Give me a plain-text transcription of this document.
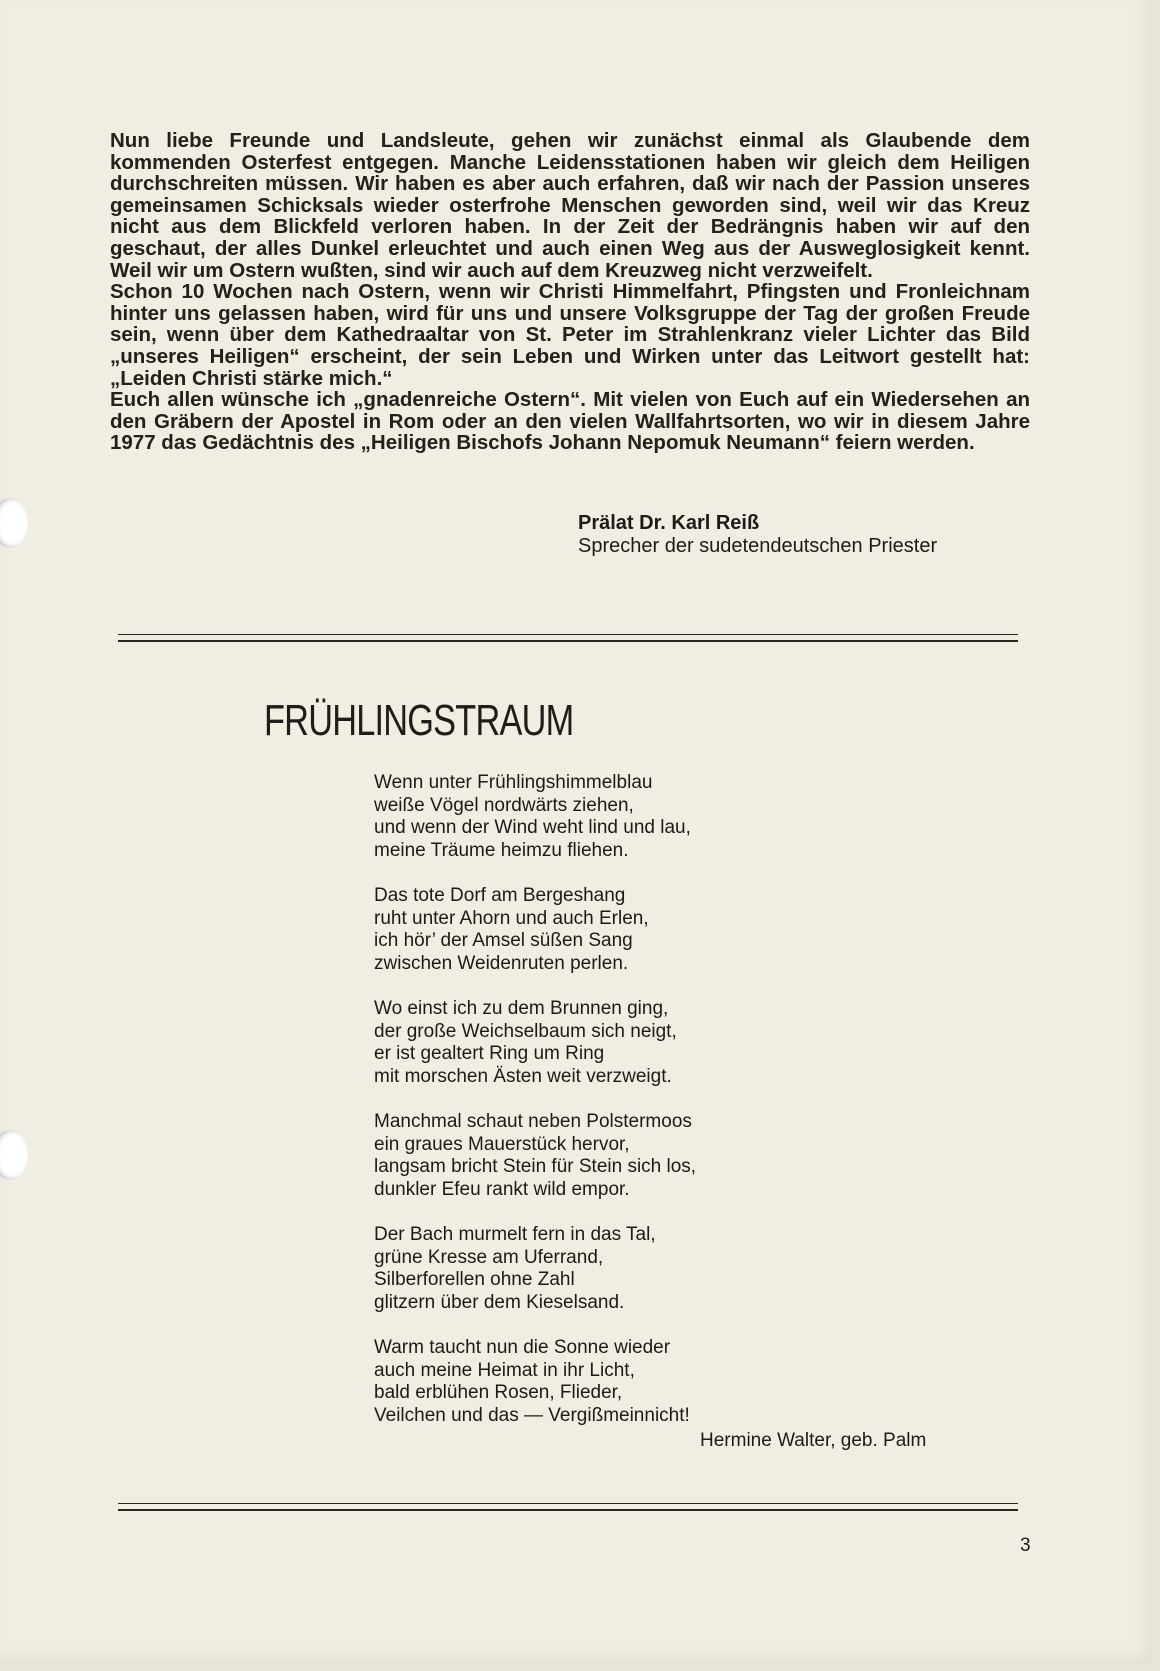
Nun liebe Freunde und Landsleute, gehen wir zunächst einmal als Glaubende dem kommenden Osterfest entgegen. Manche Leidensstationen haben wir gleich dem Heiligen durchschreiten müssen. Wir haben es aber auch erfahren, daß wir nach der Passion unseres gemeinsamen Schicksals wieder osterfrohe Menschen geworden sind, weil wir das Kreuz nicht aus dem Blickfeld verloren haben. In der Zeit der Bedrängnis haben wir auf den geschaut, der alles Dunkel erleuchtet und auch einen Weg aus der Ausweglosigkeit kennt. Weil wir um Ostern wußten, sind wir auch auf dem Kreuzweg nicht verzweifelt.

Schon 10 Wochen nach Ostern, wenn wir Christi Himmelfahrt, Pfingsten und Fronleichnam hinter uns gelassen haben, wird für uns und unsere Volksgruppe der Tag der großen Freude sein, wenn über dem Kathedraaltar von St. Peter im Strahlenkranz vieler Lichter das Bild „unseres Heiligen“ erscheint, der sein Leben und Wirken unter das Leitwort gestellt hat: „Leiden Christi stärke mich.“

Euch allen wünsche ich „gnadenreiche Ostern“. Mit vielen von Euch auf ein Wiedersehen an den Gräbern der Apostel in Rom oder an den vielen Wallfahrtsorten, wo wir in diesem Jahre 1977 das Gedächtnis des „Heiligen Bischofs Johann Nepomuk Neumann“ feiern werden.

Prälat Dr. Karl Reiß
Sprecher der sudetendeutschen Priester
FRÜHLINGSTRAUM
Wenn unter Frühlingshimmelblau
weiße Vögel nordwärts ziehen,
und wenn der Wind weht lind und lau,
meine Träume heimzu fliehen.
Das tote Dorf am Bergeshang
ruht unter Ahorn und auch Erlen,
ich hör’ der Amsel süßen Sang
zwischen Weidenruten perlen.
Wo einst ich zu dem Brunnen ging,
der große Weichselbaum sich neigt,
er ist gealtert Ring um Ring
mit morschen Ästen weit verzweigt.
Manchmal schaut neben Polstermoos
ein graues Mauerstück hervor,
langsam bricht Stein für Stein sich los,
dunkler Efeu rankt wild empor.
Der Bach murmelt fern in das Tal,
grüne Kresse am Uferrand,
Silberforellen ohne Zahl
glitzern über dem Kieselsand.
Warm taucht nun die Sonne wieder
auch meine Heimat in ihr Licht,
bald erblühen Rosen, Flieder,
Veilchen und das — Vergißmeinnicht!
Hermine Walter, geb. Palm
3
